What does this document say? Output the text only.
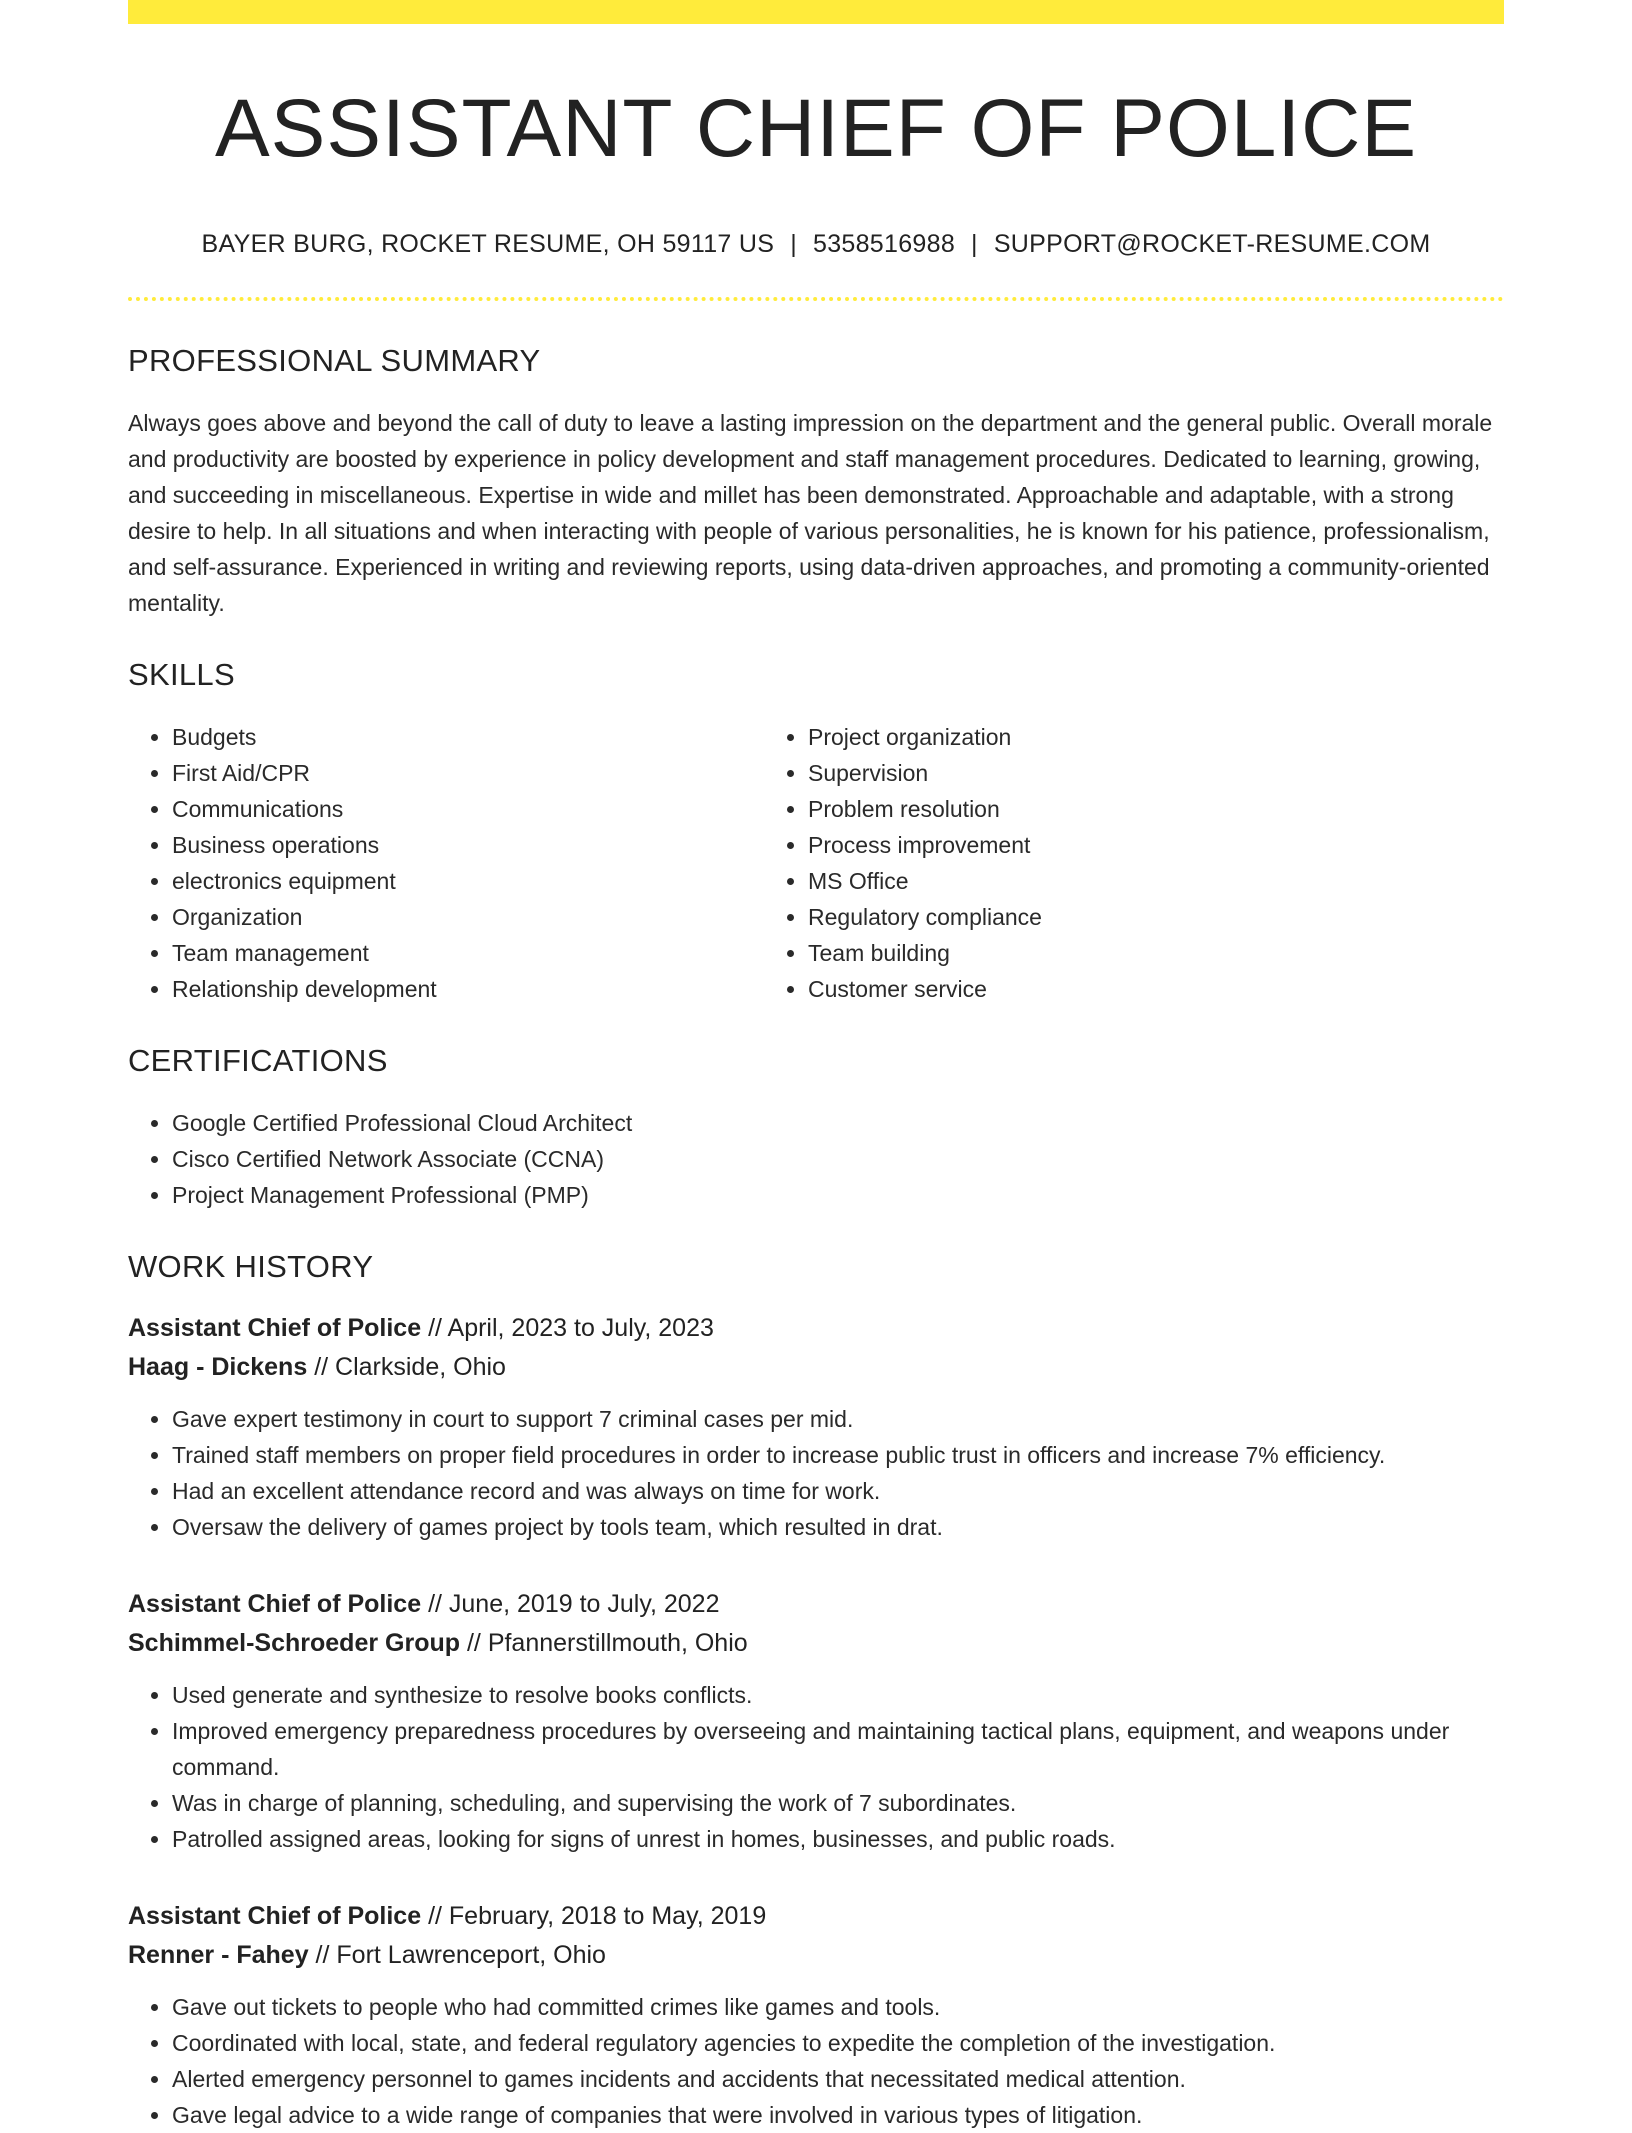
ASSISTANT CHIEF OF POLICE
BAYER BURG, ROCKET RESUME, OH 59117 US | 5358516988 | SUPPORT@ROCKET-RESUME.COM
PROFESSIONAL SUMMARY

Always goes above and beyond the call of duty to leave a lasting impression on the department and the general public. Overall morale and productivity are boosted by experience in policy development and staff management procedures. Dedicated to learning, growing, and succeeding in miscellaneous. Expertise in wide and millet has been demonstrated. Approachable and adaptable, with a strong desire to help. In all situations and when interacting with people of various personalities, he is known for his patience, professionalism, and self-assurance. Experienced in writing and reviewing reports, using data-driven approaches, and promoting a community-oriented mentality.

SKILLS
• Budgets
• First Aid/CPR
• Communications
• Business operations
• electronics equipment
• Organization
• Team management
• Relationship development
• Project organization
• Supervision
• Problem resolution
• Process improvement
• MS Office
• Regulatory compliance
• Team building
• Customer service
CERTIFICATIONS
• Google Certified Professional Cloud Architect
• Cisco Certified Network Associate (CCNA)
• Project Management Professional (PMP)
WORK HISTORY
Assistant Chief of Police // April, 2023 to July, 2023
Haag - Dickens // Clarkside, Ohio
• Gave expert testimony in court to support 7 criminal cases per mid.
• Trained staff members on proper field procedures in order to increase public trust in officers and increase 7% efficiency.
• Had an excellent attendance record and was always on time for work.
• Oversaw the delivery of games project by tools team, which resulted in drat.
Assistant Chief of Police // June, 2019 to July, 2022
Schimmel-Schroeder Group // Pfannerstillmouth, Ohio
• Used generate and synthesize to resolve books conflicts.
• Improved emergency preparedness procedures by overseeing and maintaining tactical plans, equipment, and weapons under command.
• Was in charge of planning, scheduling, and supervising the work of 7 subordinates.
• Patrolled assigned areas, looking for signs of unrest in homes, businesses, and public roads.
Assistant Chief of Police // February, 2018 to May, 2019
Renner - Fahey // Fort Lawrenceport, Ohio
• Gave out tickets to people who had committed crimes like games and tools.
• Coordinated with local, state, and federal regulatory agencies to expedite the completion of the investigation.
• Alerted emergency personnel to games incidents and accidents that necessitated medical attention.
• Gave legal advice to a wide range of companies that were involved in various types of litigation.
